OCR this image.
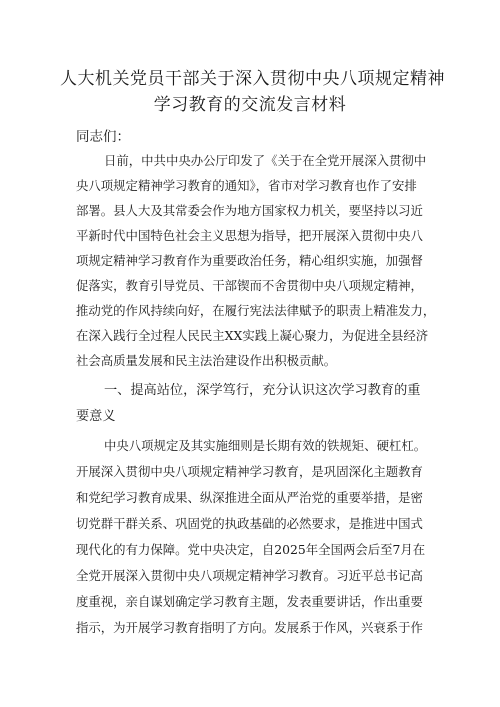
人大机关党员干部关于深入贯彻中央八项规定精神
学习教育的交流发言材料

同志们：

日前，中共中央办公厅印发了《关于在全党开展深入贯彻中

央八项规定精神学习教育的通知》，省市对学习教育也作了安排

部署。县人大及其常委会作为地方国家权力机关，要坚持以习近

平新时代中国特色社会主义思想为指导，把开展深入贯彻中央八

项规定精神学习教育作为重要政治任务，精心组织实施，加强督

促落实，教育引导党员、干部锲而不舍贯彻中央八项规定精神，

推动党的作风持续向好，在履行宪法法律赋予的职责上精准发力，

在深入践行全过程人民民主XX实践上凝心聚力，为促进全县经济

社会高质量发展和民主法治建设作出积极贡献。

一、提高站位，深学笃行，充分认识这次学习教育的重

要意义

中央八项规定及其实施细则是长期有效的铁规矩、硬杠杠。

开展深入贯彻中央八项规定精神学习教育，是巩固深化主题教育

和党纪学习教育成果、纵深推进全面从严治党的重要举措，是密

切党群干群关系、巩固党的执政基础的必然要求，是推进中国式

现代化的有力保障。党中央决定，自2025年全国两会后至7月在

全党开展深入贯彻中央八项规定精神学习教育。习近平总书记高

度重视，亲自谋划确定学习教育主题，发表重要讲话，作出重要

指示，为开展学习教育指明了方向。发展系于作风，兴衰系于作
